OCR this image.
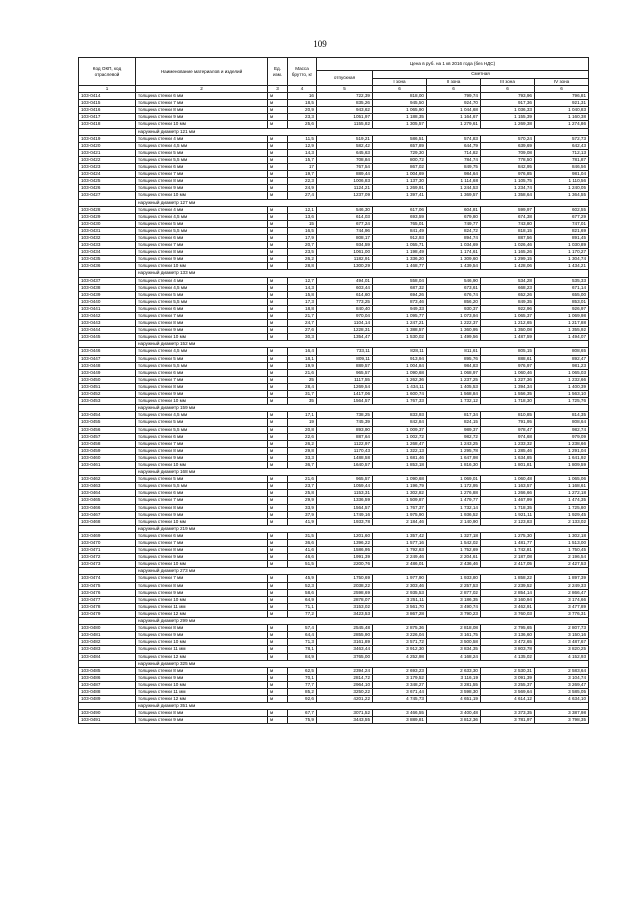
109
Код ОКП, код отраслевой	Наименование материалов и изделий	Ед. изм.	Масса брутто, кг	Цена в руб. на 1 кв 2016 года (без НДС)				
				отпускная	Сметная			
					I зона	II зона	III зона	IV зона
1	2	3	4	5	6	6	6	6
103-0414	толщина стенки 6 мм	м	16	722,39	818,00	799,74	793,96	796,81
103-0415	толщина стенки 7 мм	м	18,5	835,26	945,50	924,70	917,36	921,31
103-0416	толщина стенки 8 мм	м	20,9	943,62	1 065,90	1 044,68	1 036,33	1 040,83
103-0417	толщина стенки 9 мм	м	23,3	1051,97	1 188,35	1 164,67	1 155,39	1 160,38
103-0418	толщина стенки 10 мм	м	25,6	1155,82	1 305,57	1 279,61	1 269,38	1 274,86
	наружный диаметр 121 мм							
103-0419	толщина стенки 4 мм	м	11,5	519,21	586,51	574,83	570,24	572,73
103-0420	толщина стенки 4,5 мм	м	12,9	582,42	657,89	644,79	639,69	642,43
103-0421	толщина стенки 5 мм	м	14,3	645,63	729,30	714,82	709,08	712,13
103-0422	толщина стенки 5,5 мм	м	15,7	708,84	800,72	784,74	778,50	781,87
103-0423	толщина стенки 6 мм	м	17	767,54	867,02	849,75	842,95	846,56
103-0424	толщина стенки 7 мм	м	19,7	889,44	1 004,69	984,64	976,85	981,04
103-0425	толщина стенки 8 мм	м	22,3	1006,83	1 137,30	1 114,68	1 105,75	1 110,56
103-0426	толщина стенки 9 мм	м	24,9	1124,21	1 269,91	1 244,53	1 234,74	1 240,05
103-0427	толщина стенки 10 мм	м	27,4	1237,09	1 397,41	1 369,57	1 358,64	1 364,55
	наружный диаметр 127 мм							
103-0428	толщина стенки 4 мм	м	12,1	546,30	617,06	604,81	599,97	602,55
103-0429	толщина стенки 4,5 мм	м	13,6	614,03	693,59	679,80	674,38	677,29
103-0430	толщина стенки 5 мм	м	15	677,24	765,01	749,77	743,80	747,01
103-0431	толщина стенки 5,5 мм	м	16,5	744,96	841,49	824,72	818,15	821,69
103-0432	толщина стенки 6 мм	м	17,9	808,17	912,93	894,74	887,56	891,45
103-0433	толщина стенки 7 мм	м	20,7	934,59	1 055,71	1 034,69	1 026,46	1 030,89
103-0434	толщина стенки 8 мм	м	23,5	1061,00	1 198,49	1 174,61	1 165,26	1 170,27
103-0435	толщина стенки 9 мм	м	26,2	1182,91	1 336,20	1 309,60	1 299,15	1 304,74
103-0436	толщина стенки 10 мм	м	28,8	1300,29	1 468,77	1 439,54	1 428,06	1 434,21
	наружный диаметр 133 мм							
103-0437	толщина стенки 4 мм	м	12,7	494,01	558,04	546,90	534,28	535,33
103-0438	толщина стенки 4,5 мм	м	14,3	603,44	687,32	673,61	668,23	671,14
103-0439	толщина стенки 5 мм	м	15,8	614,60	694,26	676,74	652,26	655,00
103-0440	толщина стенки 5,5 мм	м	17,3	773,25	873,46	856,20	849,35	853,01
103-0441	толщина стенки 6 мм	м	18,8	840,40	949,33	930,37	922,96	926,97
103-0442	толщина стенки 7 мм	м	21,7	970,04	1 095,77	1 073,94	1 065,37	1 069,98
103-0443	толщина стенки 8 мм	м	24,7	1104,14	1 247,21	1 222,37	1 212,65	1 217,88
103-0444	толщина стенки 9 мм	м	27,6	1228,31	1 388,57	1 360,95	1 350,08	1 355,92
103-0445	толщина стенки 10 мм	м	30,3	1354,47	1 530,02	1 499,56	1 487,59	1 494,07
	наружный диаметр 152 мм							
103-0446	толщина стенки 4,5 мм	м	16,4	733,11	828,11	811,61	805,15	808,65
103-0447	толщина стенки 5 мм	м	18,1	809,11	913,94	895,76	888,61	892,47
103-0448	толщина стенки 5,5 мм	м	19,9	889,57	1 004,84	984,83	976,97	981,23
103-0449	толщина стенки 6 мм	м	21,6	965,57	1 090,68	1 068,97	1 060,46	1 065,03
103-0450	толщина стенки 7 мм	м	25	1117,55	1 262,36	1 237,25	1 227,36	1 232,66
103-0451	толщина стенки 8 мм	м	28,4	1269,54	1 434,11	1 405,53	1 394,34	1 400,39
103-0452	толщина стенки 9 мм	м	31,7	1417,06	1 600,74	1 568,84	1 556,35	1 563,10
103-0453	толщина стенки 10 мм	м	35	1564,57	1 767,33	1 732,12	1 718,30	1 725,76
	наружный диаметр 159 мм							
103-0454	толщина стенки 4,5 мм	м	17,1	738,25	833,93	817,34	810,85	814,35
103-0455	толщина стенки 5 мм	м	19	745,39	842,84	824,15	791,95	808,64
103-0456	толщина стенки 5,5 мм	м	20,8	893,90	1 009,37	989,37	978,47	982,74
103-0457	толщина стенки 6 мм	м	22,6	887,64	1 002,72	982,72	974,68	979,09
103-0458	толщина стенки 7 мм	м	26,2	1122,97	1 268,47	1 243,25	1 233,32	1 238,66
103-0459	толщина стенки 8 мм	м	29,8	1170,43	1 322,13	1 295,78	1 285,46	1 291,04
103-0460	толщина стенки 9 мм	м	33,3	1488,58	1 681,46	1 647,98	1 634,85	1 641,92
103-0461	толщина стенки 10 мм	м	36,7	1640,57	1 853,18	1 816,30	1 801,81	1 809,59
	наружный диаметр 168 мм							
103-0462	толщина стенки 5 мм	м	21,6	965,57	1 090,68	1 069,01	1 060,48	1 065,06
103-0463	толщина стенки 5,5 мм	м	23,7	1059,44	1 196,79	1 172,95	1 163,57	1 168,61
103-0464	толщина стенки 6 мм	м	25,8	1153,31	1 302,82	1 276,88	1 266,66	1 272,18
103-0465	толщина стенки 7 мм	м	29,9	1336,59	1 509,87	1 479,77	1 467,99	1 474,35
103-0466	толщина стенки 8 мм	м	33,9	1564,57	1 767,37	1 732,14	1 718,35	1 725,80
103-0467	толщина стенки 9 мм	м	37,9	1749,16	1 975,90	1 936,52	1 921,11	1 929,45
103-0468	толщина стенки 10 мм	м	41,9	1933,78	2 184,46	2 140,90	2 123,83	2 133,02
	наружный диаметр 219 мм							
103-0469	толщина стенки 6 мм	м	31,5	1201,60	1 357,42	1 327,18	1 275,30	1 302,18
103-0470	толщина стенки 7 мм	м	36,6	1396,22	1 577,16	1 542,02	1 481,77	1 513,00
103-0471	толщина стенки 8 мм	м	41,6	1586,95	1 792,63	1 752,69	1 742,81	1 750,45
103-0472	толщина стенки 9 мм	м	46,6	1991,39	2 249,46	2 204,61	2 187,08	2 196,54
103-0473	толщина стенки 10 мм	м	51,5	2200,76	2 486,01	2 436,46	2 417,05	2 427,53
	наружный диаметр 273 мм							
103-0474	толщина стенки 7 мм	м	45,9	1750,69	1 977,90	1 933,80	1 858,22	1 897,39
103-0475	толщина стенки 8 мм	м	52,3	2038,22	2 303,46	2 257,53	2 239,52	2 249,33
103-0476	толщина стенки 9 мм	м	58,6	2598,69	2 935,53	2 877,02	2 854,14	2 866,47
103-0477	толщина стенки 10 мм	м	64,9	2878,07	3 251,11	3 186,35	3 160,94	3 174,66
103-0478	толщина стенки 11 мм	м	71,1	3153,02	3 561,70	3 490,74	3 462,91	3 477,89
103-0479	толщина стенки 12 мм	м	77,2	3423,53	3 867,28	3 790,23	3 760,03	3 776,31
	наружный диаметр 299 мм							
103-0480	толщина стенки 8 мм	м	57,4	2545,48	2 875,36	2 818,08	2 795,65	2 807,73
103-0481	толщина стенки 9 мм	м	64,4	2855,90	3 226,04	3 161,75	3 136,60	3 150,16
103-0482	толщина стенки 10 мм	м	71,3	3161,89	3 571,72	3 500,58	3 472,65	3 487,67
103-0483	толщина стенки 11 мм	м	78,1	3463,44	3 912,30	3 834,35	3 803,78	3 820,25
103-0484	толщина стенки 12 мм	м	84,9	3765,00	4 252,98	4 168,24	4 135,02	4 152,93
	наружный диаметр 325 мм							
103-0485	толщина стенки 8 мм	м	62,5	2394,24	2 693,23	2 633,30	2 530,31	2 583,64
103-0486	толщина стенки 9 мм	м	70,1	2814,72	3 179,52	3 116,19	3 091,39	3 104,74
103-0487	толщина стенки 10 мм	м	77,7	2964,10	3 348,27	3 281,55	3 255,37	3 269,47
103-0488	толщина стенки 11 мм	м	85,2	3250,22	3 671,44	3 598,30	3 569,64	3 585,05
103-0489	толщина стенки 12 мм	м	92,6	4201,22	4 745,73	4 651,19	4 614,12	4 634,10
	наружный диаметр 351 мм							
103-0490	толщина стенки 8 мм	м	67,7	3071,52	3 466,55	3 400,48	3 373,35	3 387,98
103-0491	толщина стенки 9 мм	м	75,9	3443,55	3 889,81	3 812,36	3 781,97	3 798,35
